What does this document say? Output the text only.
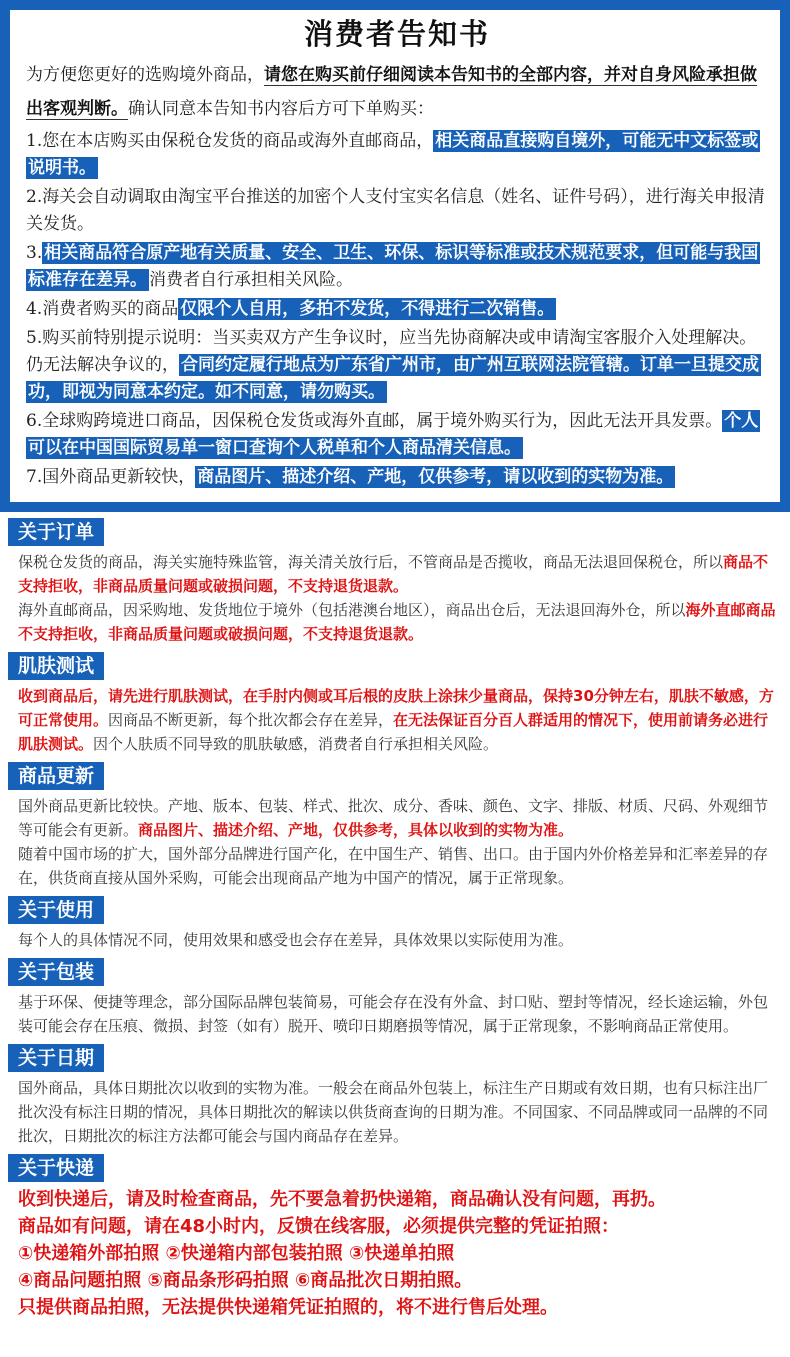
消费者告知书

为方便您更好的选购境外商品，请您在购买前仔细阅读本告知书的全部内容，并对自身风险承担做出客观判断。确认同意本告知书内容后方可下单购买：

1.您在本店购买由保税仓发货的商品或海外直邮商品， 相关商品直接购自境外，可能无中文标签或说明书。

2.海关会自动调取由淘宝平台推送的加密个人支付宝实名信息（姓名、证件号码），进行海关申报清关发货。

3. 相关商品符合原产地有关质量、安全、卫生、环保、标识等标准或技术规范要求，但可能与我国标准存在差异。 消费者自行承担相关风险。

4.消费者购买的商品 仅限个人自用，多拍不发货，不得进行二次销售。

5.购买前特别提示说明：当买卖双方产生争议时，应当先协商解决或申请淘宝客服介入处理解决。仍无法解决争议的， 合同约定履行地点为广东省广州市，由广州互联网法院管辖。订单一旦提交成功，即视为同意本约定。如不同意，请勿购买。

6.全球购跨境进口商品，因保税仓发货或海外直邮，属于境外购买行为，因此无法开具发票。 个人可以在中国国际贸易单一窗口查询个人税单和个人商品清关信息。

7.国外商品更新较快， 商品图片、描述介绍、产地，仅供参考，请以收到的实物为准。

关于订单
保税仓发货的商品，海关实施特殊监管，海关清关放行后，不管商品是否揽收，商品无法退回保税仓，所以商品不支持拒收，非商品质量问题或破损问题，不支持退货退款。
海外直邮商品，因采购地、发货地位于境外（包括港澳台地区），商品出仓后，无法退回海外仓，所以海外直邮商品不支持拒收，非商品质量问题或破损问题，不支持退货退款。
肌肤测试
收到商品后，请先进行肌肤测试，在手肘内侧或耳后根的皮肤上涂抹少量商品，保持30分钟左右，肌肤不敏感，方可正常使用。因商品不断更新，每个批次都会存在差异，在无法保证百分百人群适用的情况下，使用前请务必进行肌肤测试。因个人肤质不同导致的肌肤敏感，消费者自行承担相关风险。
商品更新
国外商品更新比较快。产地、版本、包装、样式、批次、成分、香味、颜色、文字、排版、材质、尺码、外观细节等可能会有更新。商品图片、描述介绍、产地，仅供参考，具体以收到的实物为准。
随着中国市场的扩大，国外部分品牌进行国产化，在中国生产、销售、出口。由于国内外价格差异和汇率差异的存在，供货商直接从国外采购，可能会出现商品产地为中国产的情况，属于正常现象。
关于使用
每个人的具体情况不同，使用效果和感受也会存在差异，具体效果以实际使用为准。
关于包装
基于环保、便捷等理念，部分国际品牌包装简易，可能会存在没有外盒、封口贴、塑封等情况，经长途运输，外包装可能会存在压痕、微损、封签（如有）脱开、喷印日期磨损等情况，属于正常现象，不影响商品正常使用。
关于日期
国外商品，具体日期批次以收到的实物为准。一般会在商品外包装上，标注生产日期或有效日期，也有只标注出厂批次没有标注日期的情况，具体日期批次的解读以供货商查询的日期为准。不同国家、不同品牌或同一品牌的不同批次，日期批次的标注方法都可能会与国内商品存在差异。
关于快递
收到快递后，请及时检查商品，先不要急着扔快递箱，商品确认没有问题，再扔。
商品如有问题，请在48小时内，反馈在线客服，必须提供完整的凭证拍照：
①快递箱外部拍照 ②快递箱内部包装拍照 ③快递单拍照
④商品问题拍照 ⑤商品条形码拍照 ⑥商品批次日期拍照。
只提供商品拍照，无法提供快递箱凭证拍照的，将不进行售后处理。
